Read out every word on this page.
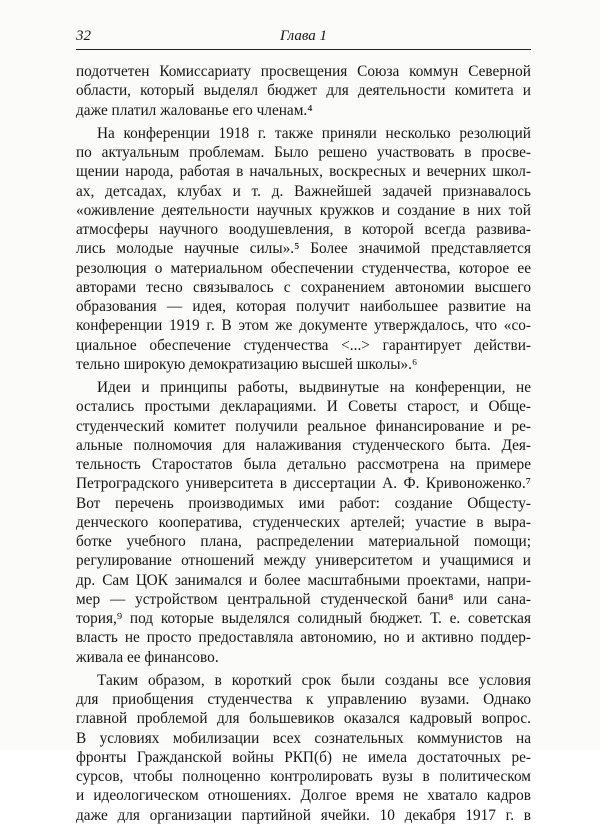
32	Глава 1
подотчетен Комиссариату просвещения Союза коммун Северной
области, который выделял бюджет для деятельности комитета и
даже платил жалованье его членам.⁴
На конференции 1918 г. также приняли несколько резолюций
по актуальным проблемам. Было решено участвовать в просве-
щении народа, работая в начальных, воскресных и вечерних школ-
ах, детсадах, клубах и т. д. Важнейшей задачей признавалось
«оживление деятельности научных кружков и создание в них той
атмосферы научного воодушевления, в которой всегда развива-
лись молодые научные силы».⁵ Более значимой представляется
резолюция о материальном обеспечении студенчества, которое ее
авторами тесно связывалось с сохранением автономии высшего
образования — идея, которая получит наибольшее развитие на
конференции 1919 г. В этом же документе утверждалось, что «со-
циальное обеспечение студенчества <...> гарантирует действи-
тельно широкую демократизацию высшей школы».⁶
Идеи и принципы работы, выдвинутые на конференции, не
остались простыми декларациями. И Советы старост, и Обще-
студенческий комитет получили реальное финансирование и ре-
альные полномочия для налаживания студенческого быта. Дея-
тельность Старостатов была детально рассмотрена на примере
Петроградского университета в диссертации А. Ф. Кривоноженко.⁷
Вот перечень производимых ими работ: создание Общесту-
денческого кооператива, студенческих артелей; участие в выра-
ботке учебного плана, распределении материальной помощи;
регулирование отношений между университетом и учащимися и
др. Сам ЦОК занимался и более масштабными проектами, напри-
мер — устройством центральной студенческой бани⁸ или сана-
тория,⁹ под которые выделялся солидный бюджет. Т. е. советская
власть не просто предоставляла автономию, но и активно поддер-
живала ее финансово.
Таким образом, в короткий срок были созданы все условия
для приобщения студенчества к управлению вузами. Однако
главной проблемой для большевиков оказался кадровый вопрос.
В условиях мобилизации всех сознательных коммунистов на
фронты Гражданской войны РКП(б) не имела достаточных ре-
сурсов, чтобы полноценно контролировать вузы в политическом
и идеологическом отношениях. Долгое время не хватало кадров
даже для организации партийной ячейки. 10 декабря 1917 г. в
